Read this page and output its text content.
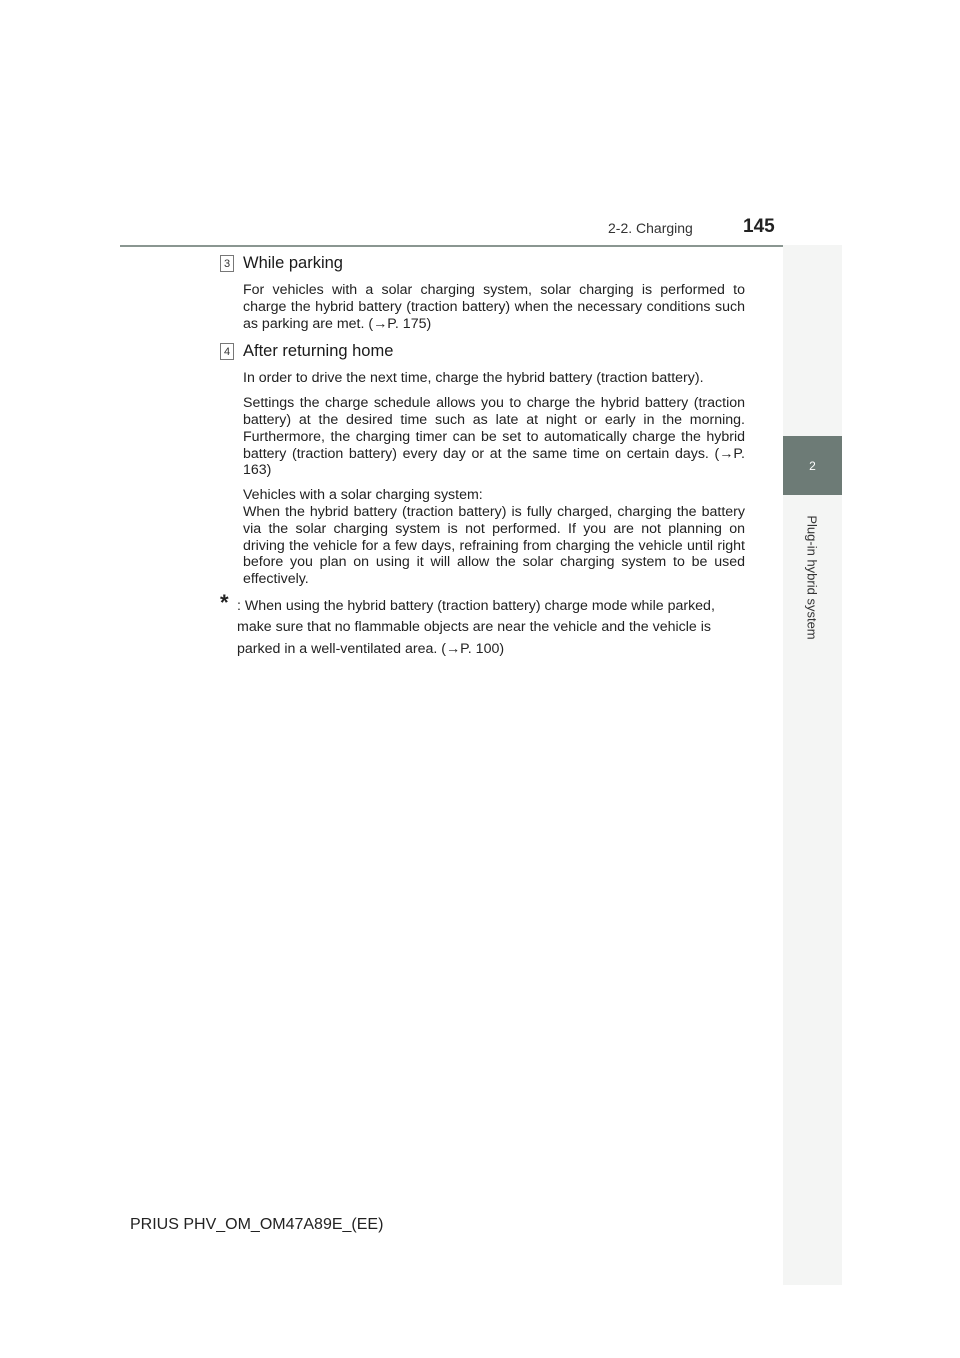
2-2. Charging	145
2
Plug-in hybrid system
3 While parking

For vehicles with a solar charging system, solar charging is performed to charge the hybrid battery (traction battery) when the necessary conditions such as parking are met. (→P. 175)

4 After returning home

In order to drive the next time, charge the hybrid battery (traction battery).

Settings the charge schedule allows you to charge the hybrid battery (traction battery) at the desired time such as late at night or early in the morning. Furthermore, the charging timer can be set to automatically charge the hybrid battery (traction battery) every day or at the same time on certain days. (→P. 163)

Vehicles with a solar charging system:

When the hybrid battery (traction battery) is fully charged, charging the battery via the solar charging system is not performed. If you are not planning on driving the vehicle for a few days, refraining from charging the vehicle until right before you plan on using it will allow the solar charging system to be used effectively.

* : When using the hybrid battery (traction battery) charge mode while parked, make sure that no flammable objects are near the vehicle and the vehicle is parked in a well-ventilated area. (→P. 100)
PRIUS PHV_OM_OM47A89E_(EE)
